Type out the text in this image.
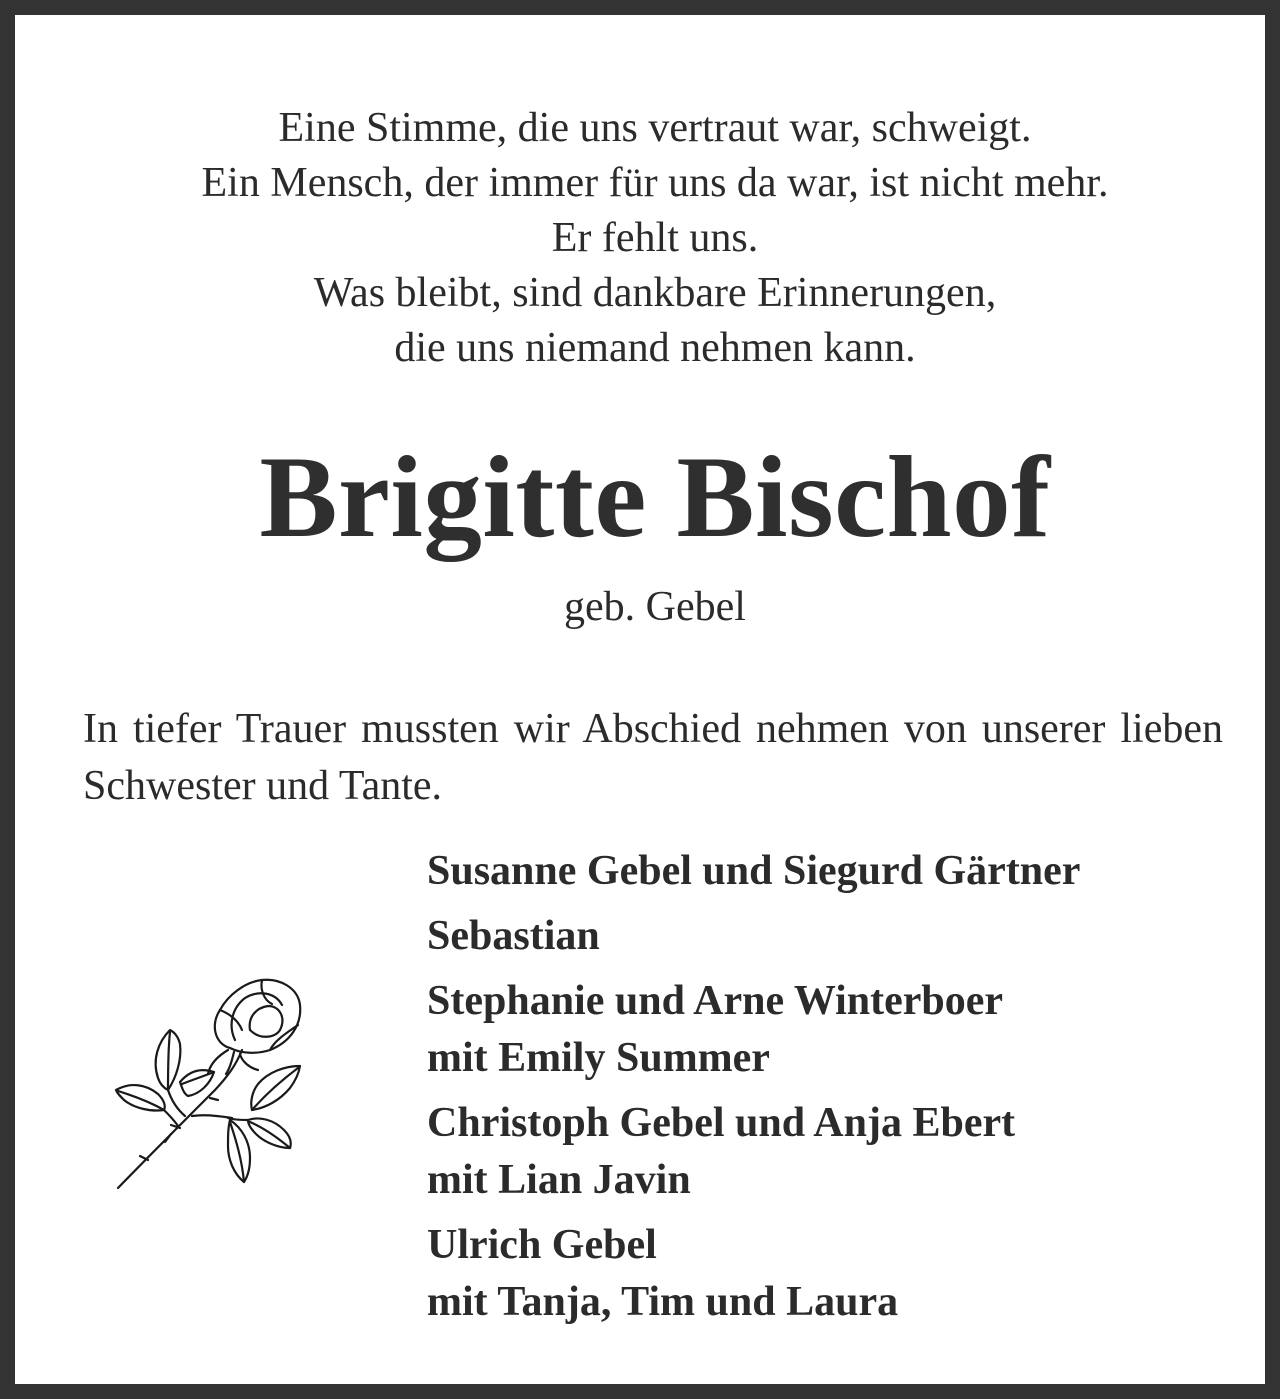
Eine Stimme, die uns vertraut war, schweigt.
Ein Mensch, der immer für uns da war, ist nicht mehr.
Er fehlt uns.
Was bleibt, sind dankbare Erinnerungen,
die uns niemand nehmen kann.
Brigitte Bischof
geb. Gebel
In tiefer Trauer mussten wir Abschied nehmen von unserer lieben Schwester und Tante.
Susanne Gebel und Siegurd Gärtner
Sebastian
Stephanie und Arne Winterboer
mit Emily Summer
Christoph Gebel und Anja Ebert
mit Lian Javin
Ulrich Gebel
mit Tanja, Tim und Laura
